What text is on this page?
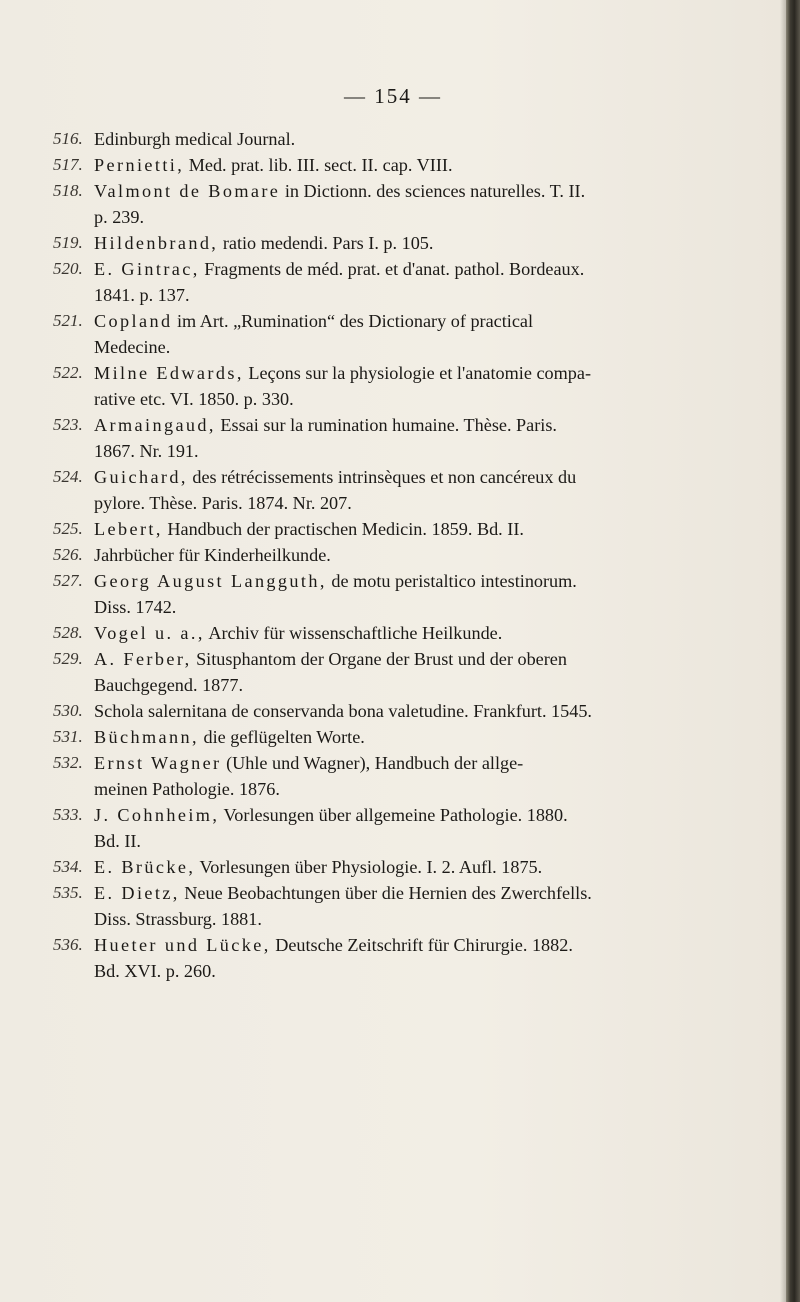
— 154 —
516. Edinburgh medical Journal.
517. Pernietti, Med. prat. lib. III. sect. II. cap. VIII.
518. Valmont de Bomare in Dictionn. des sciences naturelles. T. II.
p. 239.
519. Hildenbrand, ratio medendi. Pars I. p. 105.
520. E. Gintrac, Fragments de méd. prat. et d'anat. pathol. Bordeaux.
1841. p. 137.
521. Copland im Art. „Rumination“ des Dictionary of practical
Medecine.
522. Milne Edwards, Leçons sur la physiologie et l'anatomie compa-
rative etc. VI. 1850. p. 330.
523. Armaingaud, Essai sur la rumination humaine. Thèse. Paris.
1867. Nr. 191.
524. Guichard, des rétrécissements intrinsèques et non cancéreux du
pylore. Thèse. Paris. 1874. Nr. 207.
525. Lebert, Handbuch der practischen Medicin. 1859. Bd. II.
526. Jahrbücher für Kinderheilkunde.
527. Georg August Langguth, de motu peristaltico intestinorum.
Diss. 1742.
528. Vogel u. a., Archiv für wissenschaftliche Heilkunde.
529. A. Ferber, Situsphantom der Organe der Brust und der oberen
Bauchgegend. 1877.
530. Schola salernitana de conservanda bona valetudine. Frankfurt. 1545.
531. Büchmann, die geflügelten Worte.
532. Ernst Wagner (Uhle und Wagner), Handbuch der allge-
meinen Pathologie. 1876.
533. J. Cohnheim, Vorlesungen über allgemeine Pathologie. 1880.
Bd. II.
534. E. Brücke, Vorlesungen über Physiologie. I. 2. Aufl. 1875.
535. E. Dietz, Neue Beobachtungen über die Hernien des Zwerchfells.
Diss. Strassburg. 1881.
536. Hueter und Lücke, Deutsche Zeitschrift für Chirurgie. 1882.
Bd. XVI. p. 260.
